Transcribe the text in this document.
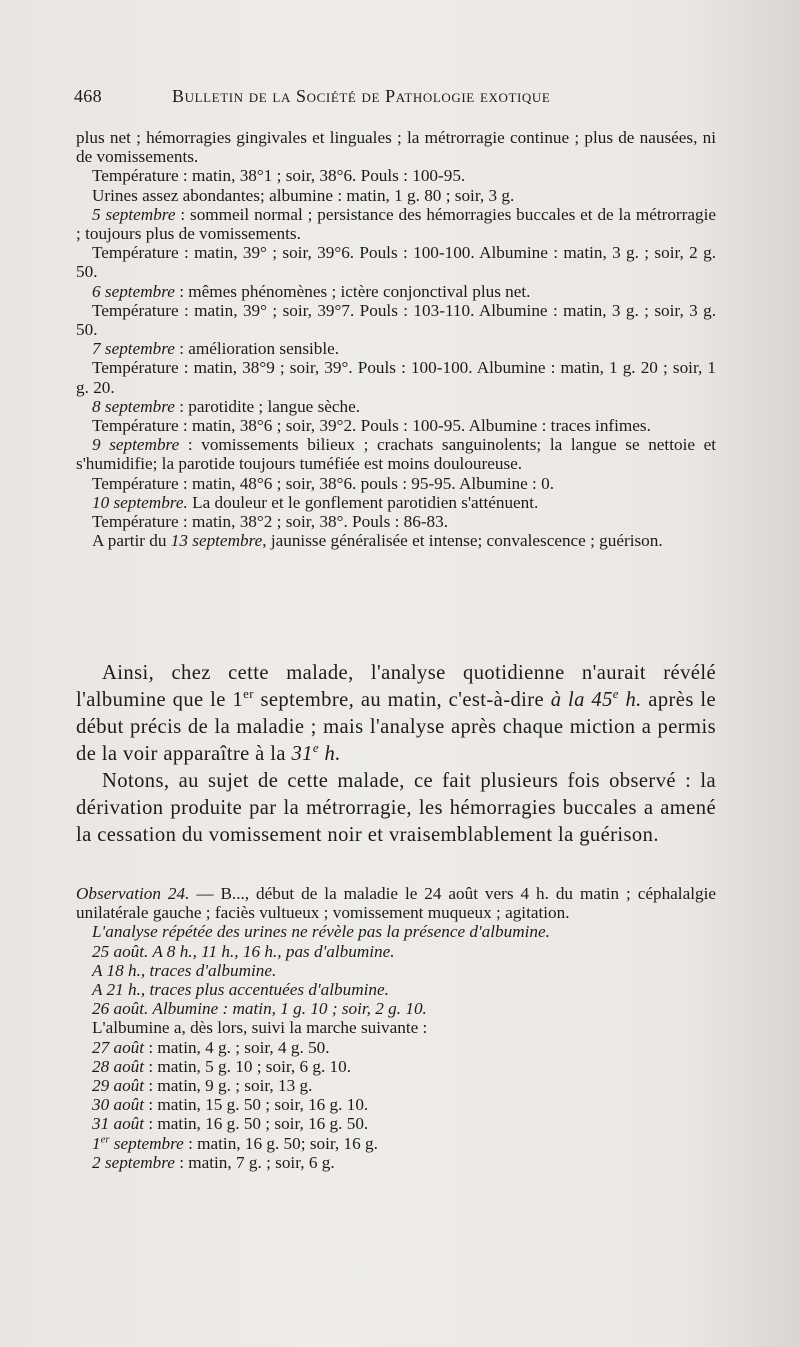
468	Bulletin de la Société de Pathologie exotique

plus net ; hémorragies gingivales et linguales ; la métrorragie continue ; plus de nausées, ni de vomissements.

Température : matin, 38°1 ; soir, 38°6. Pouls : 100-95.

Urines assez abondantes; albumine : matin, 1 g. 80 ; soir, 3 g.

5 septembre : sommeil normal ; persistance des hémorragies buccales et de la métrorragie ; toujours plus de vomissements.

Température : matin, 39° ; soir, 39°6. Pouls : 100-100. Albumine : matin, 3 g. ; soir, 2 g. 50.

6 septembre : mêmes phénomènes ; ictère conjonctival plus net.

Température : matin, 39° ; soir, 39°7. Pouls : 103-110. Albumine : matin, 3 g. ; soir, 3 g. 50.

7 septembre : amélioration sensible.

Température : matin, 38°9 ; soir, 39°. Pouls : 100-100. Albumine : matin, 1 g. 20 ; soir, 1 g. 20.

8 septembre : parotidite ; langue sèche.

Température : matin, 38°6 ; soir, 39°2. Pouls : 100-95. Albumine : traces infimes.

9 septembre : vomissements bilieux ; crachats sanguinolents; la langue se nettoie et s'humidifie; la parotide toujours tuméfiée est moins douloureuse.

Température : matin, 48°6 ; soir, 38°6. pouls : 95-95. Albumine : 0.

10 septembre. La douleur et le gonflement parotidien s'atténuent.

Température : matin, 38°2 ; soir, 38°. Pouls : 86-83.

A partir du 13 septembre, jaunisse généralisée et intense; convalescence ; guérison.

Ainsi, chez cette malade, l'analyse quotidienne n'aurait révélé l'albumine que le 1er septembre, au matin, c'est-à-dire à la 45e h. après le début précis de la maladie ; mais l'analyse après chaque miction a permis de la voir apparaître à la 31e h.

Notons, au sujet de cette malade, ce fait plusieurs fois observé : la dérivation produite par la métrorragie, les hémorragies buccales a amené la cessation du vomissement noir et vraisemblablement la guérison.

Observation 24. — B..., début de la maladie le 24 août vers 4 h. du matin ; céphalalgie unilatérale gauche ; faciès vultueux ; vomissement muqueux ; agitation.

L'analyse répétée des urines ne révèle pas la présence d'albumine.

25 août. A 8 h., 11 h., 16 h., pas d'albumine.

A 18 h., traces d'albumine.

A 21 h., traces plus accentuées d'albumine.

26 août. Albumine : matin, 1 g. 10 ; soir, 2 g. 10.

L'albumine a, dès lors, suivi la marche suivante :

27 août : matin, 4 g. ; soir, 4 g. 50.

28 août : matin, 5 g. 10 ; soir, 6 g. 10.

29 août : matin, 9 g. ; soir, 13 g.

30 août : matin, 15 g. 50 ; soir, 16 g. 10.

31 août : matin, 16 g. 50 ; soir, 16 g. 50.

1er septembre : matin, 16 g. 50; soir, 16 g.

2 septembre : matin, 7 g. ; soir, 6 g.
